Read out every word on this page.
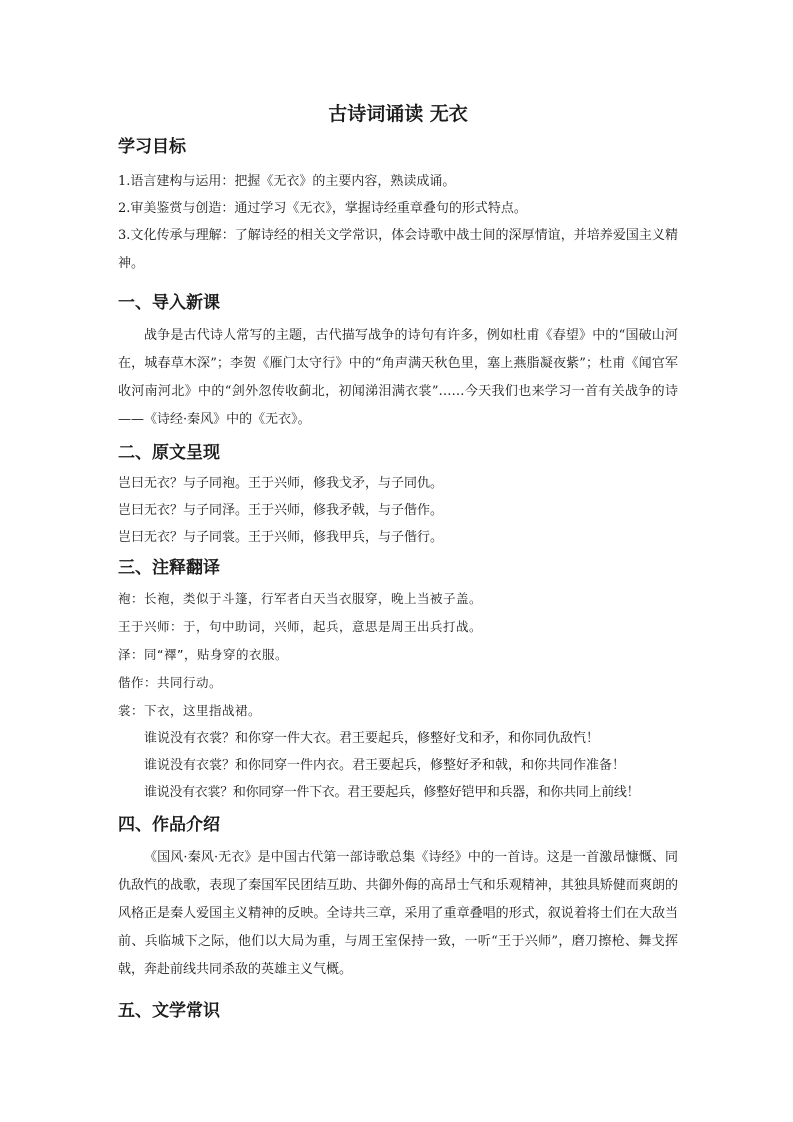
古诗词诵读 无衣

学习目标

1.语言建构与运用：把握《无衣》的主要内容，熟读成诵。

2.审美鉴赏与创造：通过学习《无衣》，掌握诗经重章叠句的形式特点。

3.文化传承与理解：了解诗经的相关文学常识，体会诗歌中战士间的深厚情谊，并培养爱国主义精神。

一、导入新课

战争是古代诗人常写的主题，古代描写战争的诗句有许多，例如杜甫《春望》中的“国破山河在，城春草木深”；李贺《雁门太守行》中的“角声满天秋色里，塞上燕脂凝夜紫”；杜甫《闻官军收河南河北》中的“剑外忽传收蓟北，初闻涕泪满衣裳”……今天我们也来学习一首有关战争的诗——《诗经·秦风》中的《无衣》。

二、原文呈现

岂曰无衣？与子同袍。王于兴师，修我戈矛，与子同仇。

岂曰无衣？与子同泽。王于兴师，修我矛戟，与子偕作。

岂曰无衣？与子同裳。王于兴师，修我甲兵，与子偕行。

三、注释翻译

袍：长袍，类似于斗篷，行军者白天当衣服穿，晚上当被子盖。

王于兴师：于，句中助词，兴师，起兵，意思是周王出兵打战。

泽：同“襗”，贴身穿的衣服。

偕作：共同行动。

裳：下衣，这里指战裙。

谁说没有衣裳？和你穿一件大衣。君王要起兵，修整好戈和矛，和你同仇敌忾！

谁说没有衣裳？和你同穿一件内衣。君王要起兵，修整好矛和戟，和你共同作准备！

谁说没有衣裳？和你同穿一件下衣。君王要起兵，修整好铠甲和兵器，和你共同上前线！

四、作品介绍

《国风·秦风·无衣》是中国古代第一部诗歌总集《诗经》中的一首诗。这是一首激昂慷慨、同仇敌忾的战歌，表现了秦国军民团结互助、共御外侮的高昂士气和乐观精神，其独具矫健而爽朗的风格正是秦人爱国主义精神的反映。全诗共三章，采用了重章叠唱的形式，叙说着将士们在大敌当前、兵临城下之际，他们以大局为重，与周王室保持一致，一听“王于兴师”，磨刀擦枪、舞戈挥戟，奔赴前线共同杀敌的英雄主义气概。

五、文学常识
